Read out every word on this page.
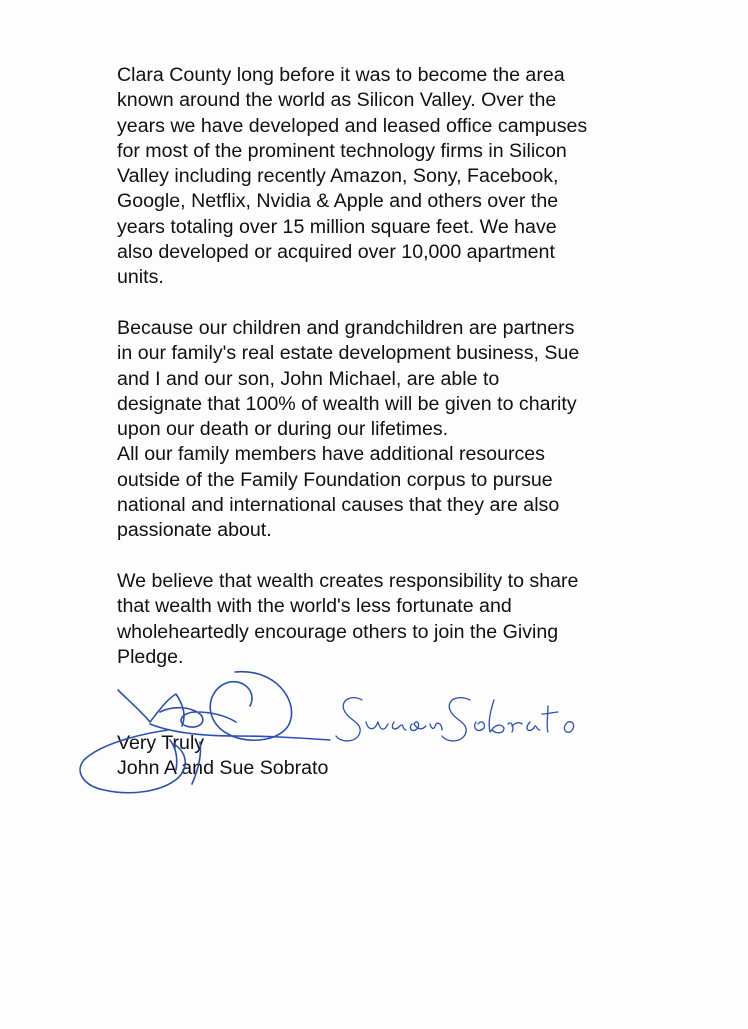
Clara County long before it was to become the area
known around the world as Silicon Valley. Over the
years we have developed and leased office campuses
for most of the prominent technology firms in Silicon
Valley including recently Amazon, Sony, Facebook,
Google, Netflix, Nvidia & Apple and others over the
years totaling over 15 million square feet. We have
also developed or acquired over 10,000 apartment
units.

Because our children and grandchildren are partners
in our family's real estate development business, Sue
and I and our son, John Michael, are able to
designate that 100% of wealth will be given to charity
upon our death or during our lifetimes.

All our family members have additional resources
outside of the Family Foundation corpus to pursue
national and international causes that they are also
passionate about.

We believe that wealth creates responsibility to share
that wealth with the world's less fortunate and
wholeheartedly encourage others to join the Giving
Pledge.

Very Truly
John A and Sue Sobrato
